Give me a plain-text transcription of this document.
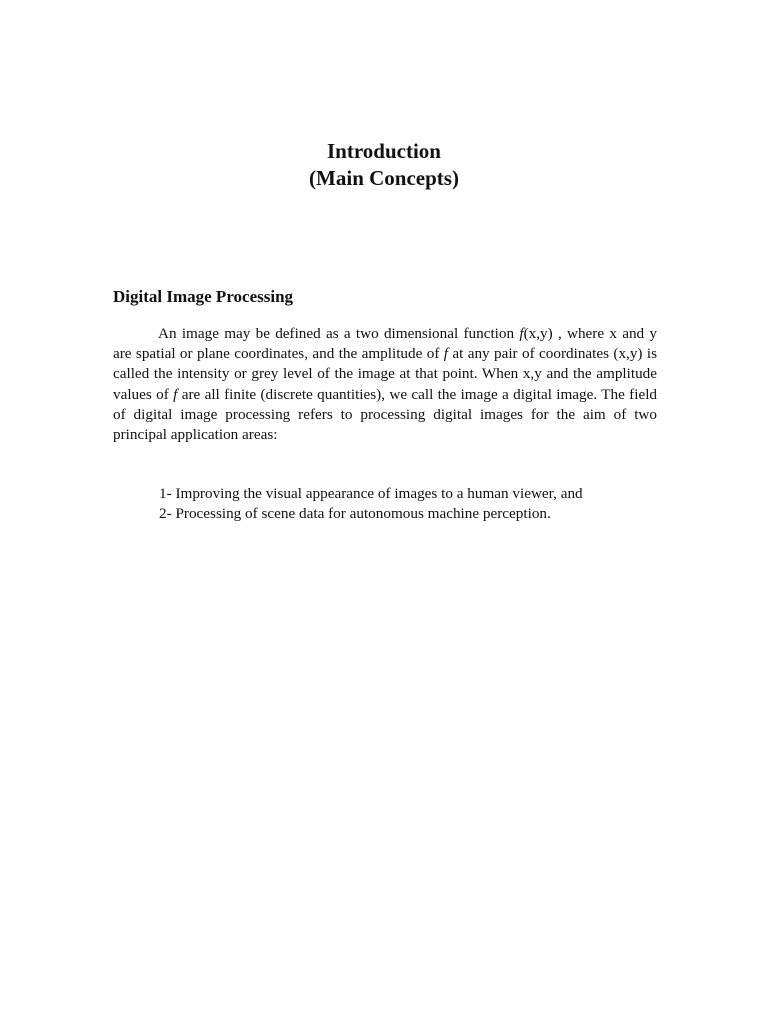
Introduction
(Main Concepts)
Digital Image Processing

An image may be defined as a two dimensional function f(x,y) , where x and y are spatial or plane coordinates, and the amplitude of f at any pair of coordinates (x,y) is called the intensity or grey level of the image at that point. When x,y and the amplitude values of f are all finite (discrete quantities), we call the image a digital image. The field of digital image processing refers to processing digital images for the aim of two principal application areas:

1- Improving the visual appearance of images to a human viewer, and
2- Processing of scene data for autonomous machine perception.
